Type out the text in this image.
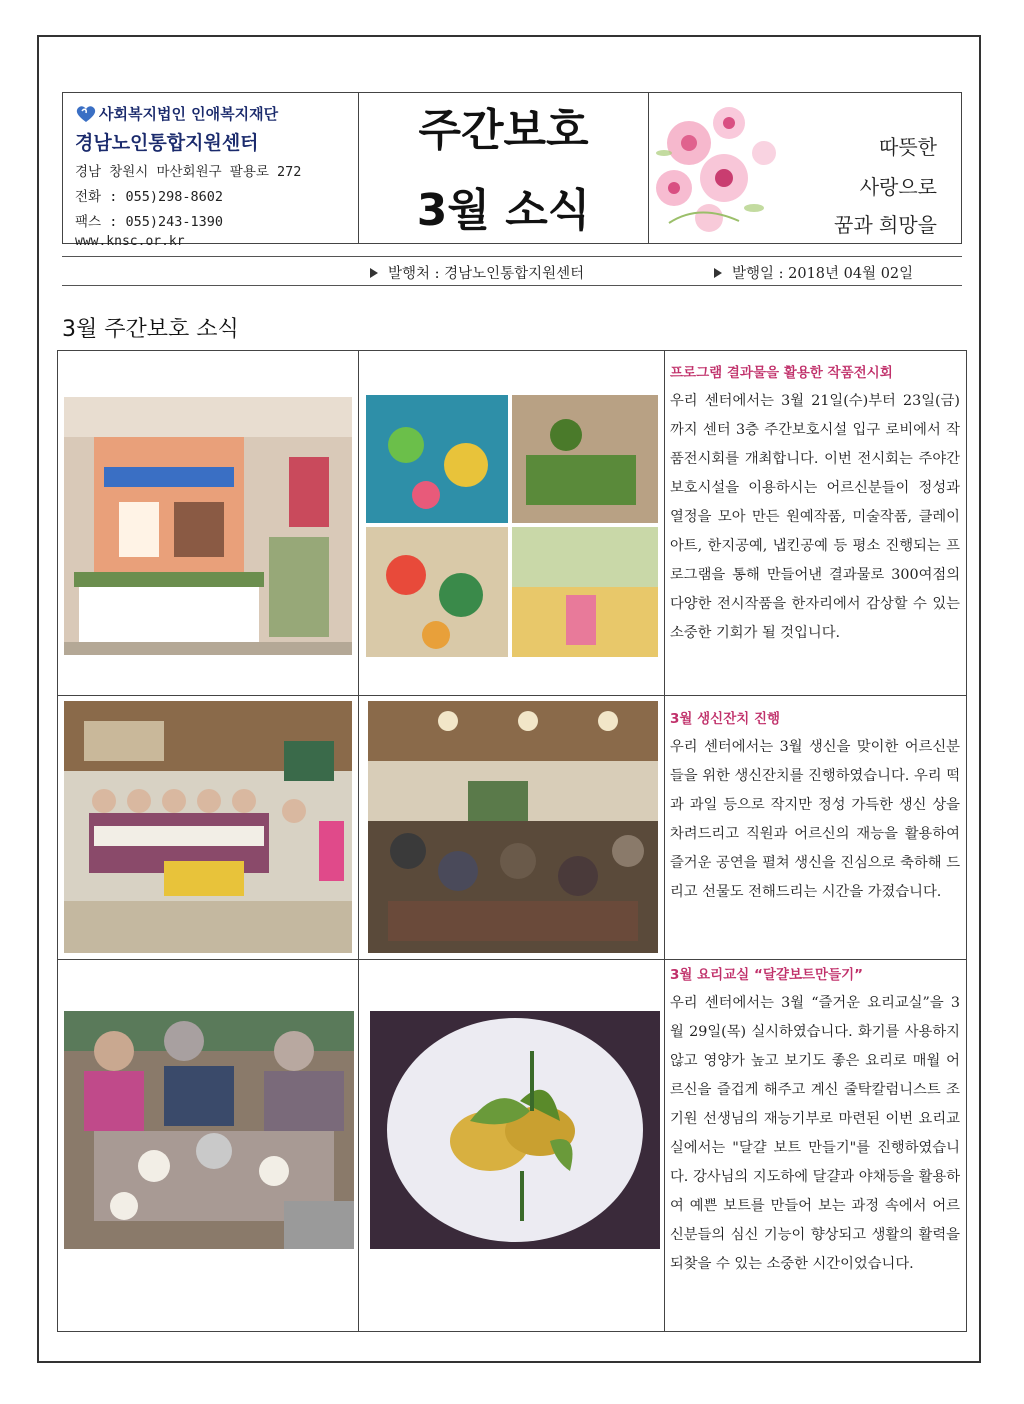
사회복지법인 인애복지재단
경남노인통합지원센터
경남 창원시 마산회원구 팔용로 272
전화 : 055)298-8602
팩스 : 055)243-1390
www.knsc.or.kr
주간보호
3월 소식
따뜻한
사랑으로
꿈과 희망을
발행처 : 경남노인통합지원센터	발행일 : 2018년 04월 02일
3월 주간보호 소식
프로그램 결과물을 활용한 작품전시회
우리 센터에서는 3월 21일(수)부터 23일(금)까지 센터 3층 주간보호시설 입구 로비에서 작품전시회를 개최합니다. 이번 전시회는 주야간보호시설을 이용하시는 어르신분들이 정성과 열정을 모아 만든 원예작품, 미술작품, 클레이아트, 한지공예, 냅킨공예 등 평소 진행되는 프로그램을 통해 만들어낸 결과물로 300여점의 다양한 전시작품을 한자리에서 감상할 수 있는 소중한 기회가 될 것입니다.
3월 생신잔치 진행
우리 센터에서는 3월 생신을 맞이한 어르신분들을 위한 생신잔치를 진행하였습니다. 우리 떡과 과일 등으로 작지만 정성 가득한 생신 상을 차려드리고 직원과 어르신의 재능을 활용하여 즐거운 공연을 펼쳐 생신을 진심으로 축하해 드리고 선물도 전해드리는 시간을 가졌습니다.
3월 요리교실 “달걀보트만들기”
우리 센터에서는 3월 “즐거운 요리교실”을 3월 29일(목) 실시하였습니다. 화기를 사용하지 않고 영양가 높고 보기도 좋은 요리로 매월 어르신을 즐겁게 해주고 계신 줄탁칼럼니스트 조기원 선생님의 재능기부로 마련된 이번 요리교실에서는 "달걀 보트 만들기"를 진행하였습니다. 강사님의 지도하에 달걀과 야채등을 활용하여 예쁜 보트를 만들어 보는 과정 속에서 어르신분들의 심신 기능이 향상되고 생활의 활력을 되찾을 수 있는 소중한 시간이었습니다.
